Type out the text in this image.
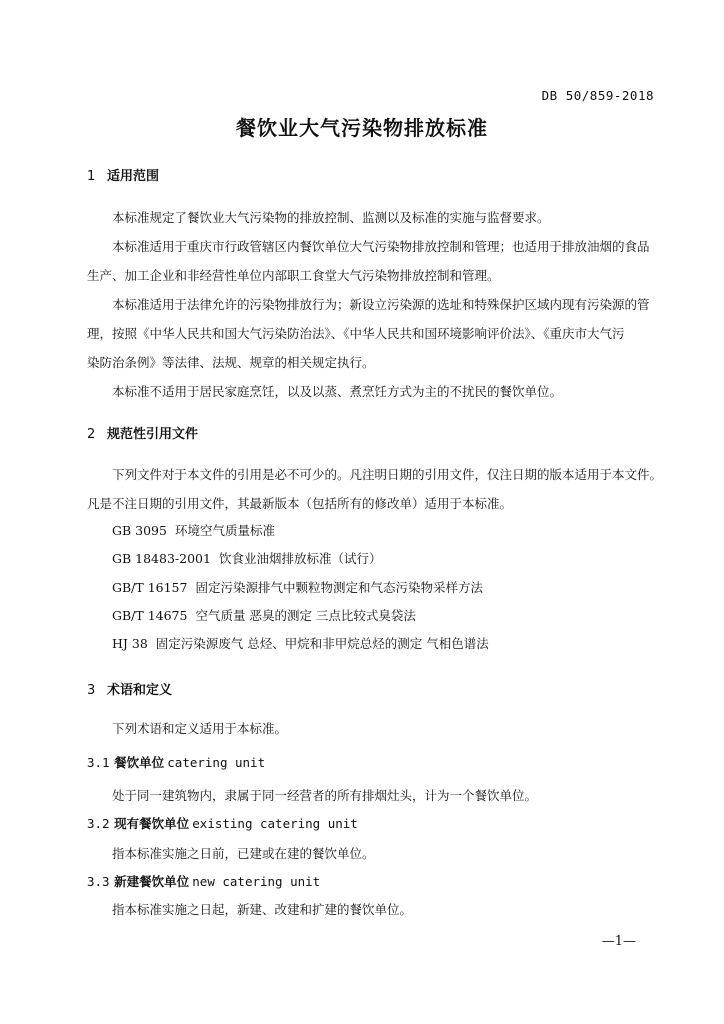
DB 50/859-2018
餐饮业大气污染物排放标准
1 适用范围
本标准规定了餐饮业大气污染物的排放控制、监测以及标准的实施与监督要求。
本标准适用于重庆市行政管辖区内餐饮单位大气污染物排放控制和管理；也适用于排放油烟的食品
生产、加工企业和非经营性单位内部职工食堂大气污染物排放控制和管理。
本标准适用于法律允许的污染物排放行为；新设立污染源的选址和特殊保护区域内现有污染源的管
理，按照《中华人民共和国大气污染防治法》、《中华人民共和国环境影响评价法》、《重庆市大气污
染防治条例》等法律、法规、规章的相关规定执行。
本标准不适用于居民家庭烹饪，以及以蒸、煮烹饪方式为主的不扰民的餐饮单位。
2 规范性引用文件
下列文件对于本文件的引用是必不可少的。凡注明日期的引用文件，仅注日期的版本适用于本文件。
凡是不注日期的引用文件，其最新版本（包括所有的修改单）适用于本标准。
GB 3095 环境空气质量标准
GB 18483-2001 饮食业油烟排放标准（试行）
GB/T 16157 固定污染源排气中颗粒物测定和气态污染物采样方法
GB/T 14675 空气质量 恶臭的测定 三点比较式臭袋法
HJ 38 固定污染源废气 总烃、甲烷和非甲烷总烃的测定 气相色谱法
3 术语和定义
下列术语和定义适用于本标准。
3.1 餐饮单位 catering unit
处于同一建筑物内，隶属于同一经营者的所有排烟灶头，计为一个餐饮单位。
3.2 现有餐饮单位 existing catering unit
指本标准实施之日前，已建或在建的餐饮单位。
3.3 新建餐饮单位 new catering unit
指本标准实施之日起，新建、改建和扩建的餐饮单位。
—1—
